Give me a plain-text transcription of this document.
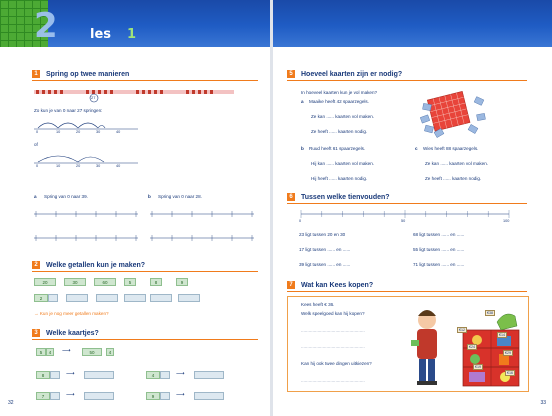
2 les 1
1	Spring op twee manieren
27
Zo kun je van 0 naar 27 springen:
0	10	20	30	40
of
0	10	20	30	40
a Spring van 0 naar 39.	b Spring van 0 naar 28.
2	Welke getallen kun je maken?
20	30	60	5	8	9
2
→ Kun je nog meer getallen maken?
3	Welke kaartjes?
5	4	⟶	50	4
8	⟶	4	⟶
7	⟶	9	⟶
32
5	Hoeveel kaarten zijn er nodig?
In hoeveel kaarten kun je vol maken?
a Maaike heeft 42 spaarzegels.
Ze kan ...... kaarten vol maken.
Ze heeft ...... kaarten nodig.
b Ruud heeft 61 spaarzegels.
Hij kan ...... kaarten vol maken.
Hij heeft ...... kaarten nodig.
c Wies heeft 88 spaarzegels.
Ze kan ...... kaarten vol maken.
Ze heeft ...... kaarten nodig.
6	Tussen welke tienvouden?
0	50	100
23 ligt tussen 20 en 30
17 ligt tussen ...... en ......
39 ligt tussen ...... en ......
68 ligt tussen ...... en ......
55 ligt tussen ...... en ......
71 ligt tussen ...... en ......
7	Wat kan Kees kopen?
Kees heeft € 36.
Welk speelgoed kan hij kopen?
..................................................
..................................................
Kan hij ook twee dingen uitkiezen?
..................................................
€38
€12
€14
€24
€29
€19
€16
33
